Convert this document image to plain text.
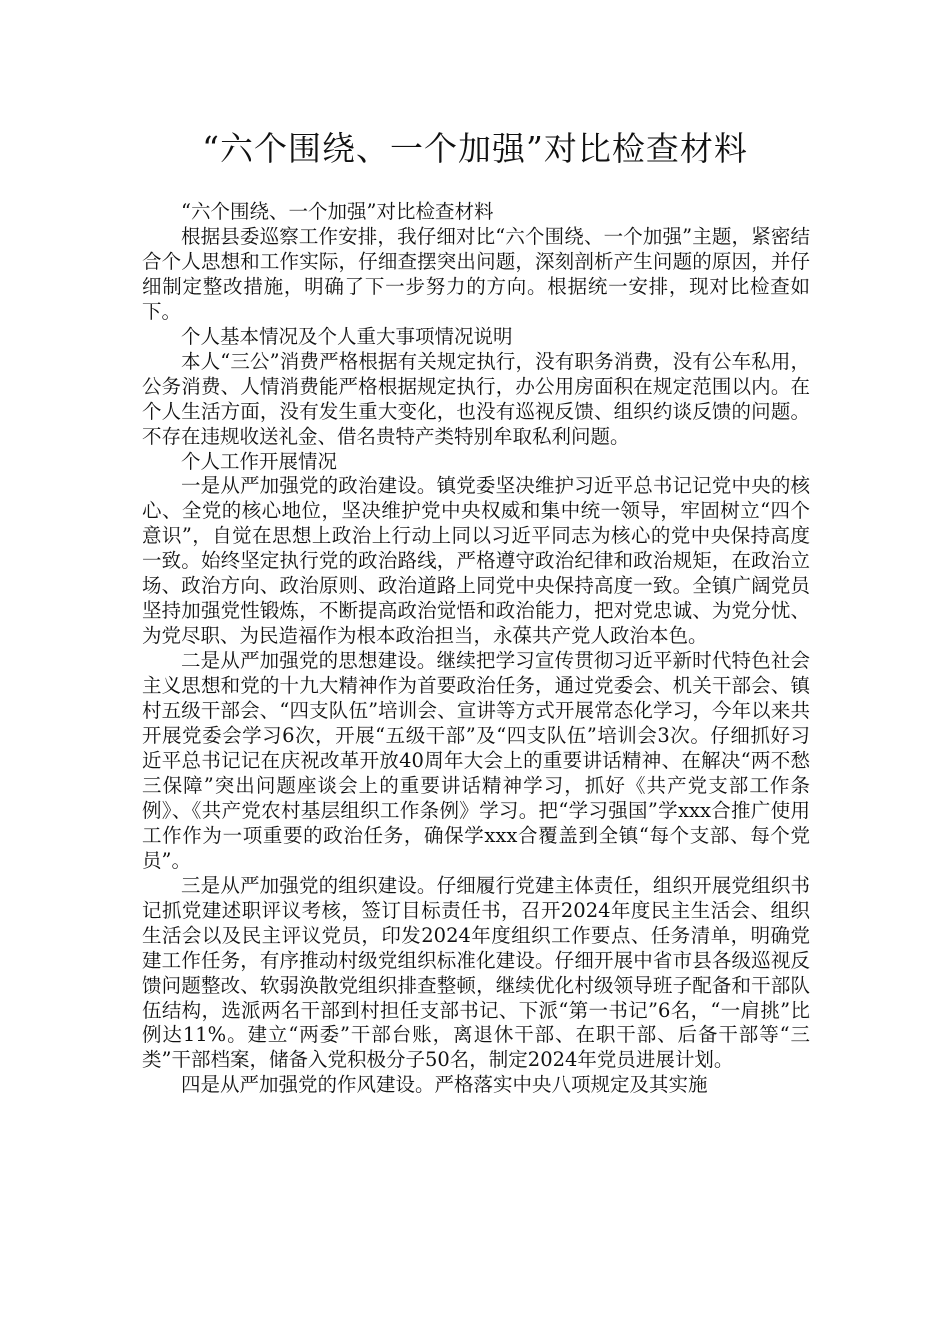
“六个围绕、一个加强”对比检查材料

“六个围绕、一个加强”对比检查材料

根据县委巡察工作安排，我仔细对比“六个围绕、一个加强”主题，紧密结合个人思想和工作实际，仔细查摆突出问题，深刻剖析产生问题的原因，并仔细制定整改措施，明确了下一步努力的方向。根据统一安排，现对比检查如下。

个人基本情况及个人重大事项情况说明

本人“三公”消费严格根据有关规定执行，没有职务消费，没有公车私用，公务消费、人情消费能严格根据规定执行，办公用房面积在规定范围以内。在个人生活方面，没有发生重大变化，也没有巡视反馈、组织约谈反馈的问题。不存在违规收送礼金、借名贵特产类特别牟取私利问题。

个人工作开展情况

一是从严加强党的政治建设。镇党委坚决维护习近平总书记记党中央的核心、全党的核心地位，坚决维护党中央权威和集中统一领导，牢固树立“四个意识”，自觉在思想上政治上行动上同以习近平同志为核心的党中央保持高度一致。始终坚定执行党的政治路线，严格遵守政治纪律和政治规矩，在政治立场、政治方向、政治原则、政治道路上同党中央保持高度一致。全镇广阔党员坚持加强党性锻炼，不断提高政治觉悟和政治能力，把对党忠诚、为党分忧、为党尽职、为民造福作为根本政治担当，永葆共产党人政治本色。

二是从严加强党的思想建设。继续把学习宣传贯彻习近平新时代特色社会主义思想和党的十九大精神作为首要政治任务，通过党委会、机关干部会、镇村五级干部会、“四支队伍”培训会、宣讲等方式开展常态化学习，今年以来共开展党委会学习6次，开展“五级干部”及“四支队伍”培训会3次。仔细抓好习近平总书记记在庆祝改革开放40周年大会上的重要讲话精神、在解决“两不愁三保障”突出问题座谈会上的重要讲话精神学习，抓好《共产党支部工作条例》、《共产党农村基层组织工作条例》学习。把“学习强国”学xxx合推广使用工作作为一项重要的政治任务，确保学xxx合覆盖到全镇“每个支部、每个党员”。

三是从严加强党的组织建设。仔细履行党建主体责任，组织开展党组织书记抓党建述职评议考核，签订目标责任书，召开2024年度民主生活会、组织生活会以及民主评议党员，印发2024年度组织工作要点、任务清单，明确党建工作任务，有序推动村级党组织标准化建设。仔细开展中省市县各级巡视反馈问题整改、软弱涣散党组织排查整顿，继续优化村级领导班子配备和干部队伍结构，选派两名干部到村担任支部书记、下派“第一书记”6名，“一肩挑”比例达11%。建立“两委”干部台账，离退休干部、在职干部、后备干部等“三类”干部档案，储备入党积极分子50名，制定2024年党员进展计划。

四是从严加强党的作风建设。严格落实中央八项规定及其实施
